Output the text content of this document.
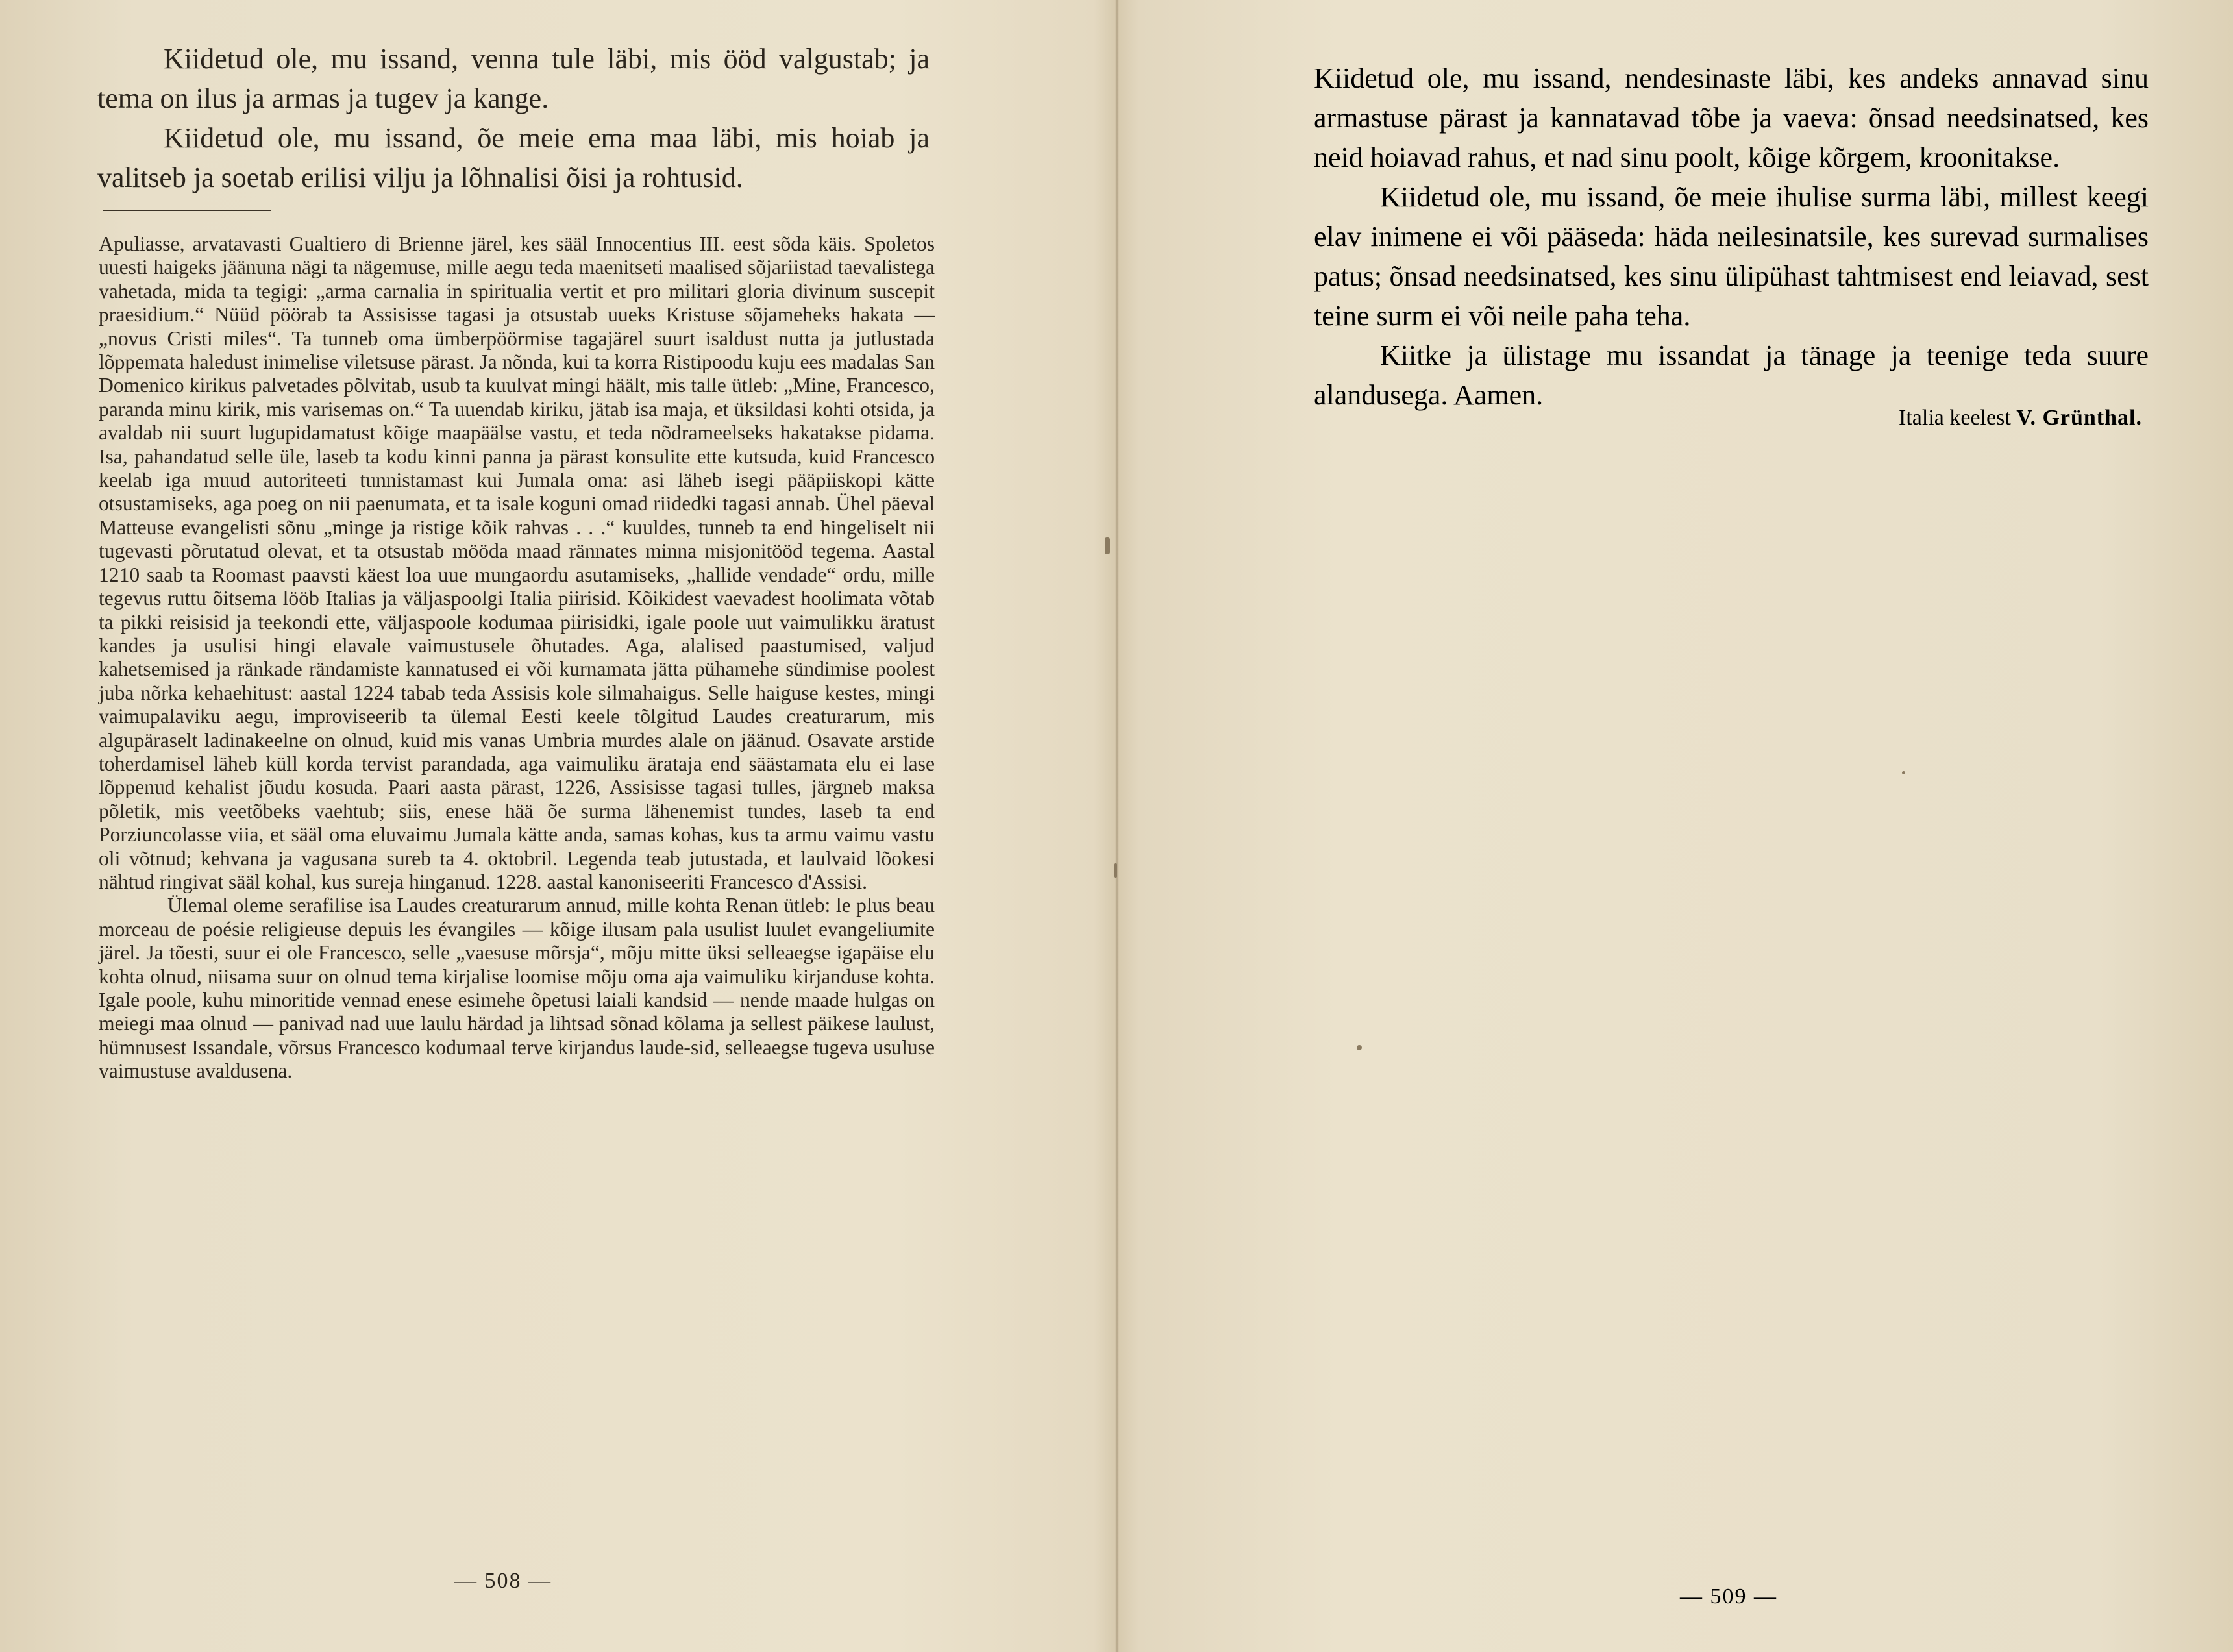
Kiidetud ole, mu issand, venna tule läbi, mis ööd valgustab; ja tema on ilus ja armas ja tugev ja kange.

Kiidetud ole, mu issand, õe meie ema maa läbi, mis hoiab ja valitseb ja soetab erilisi vilju ja lõhnalisi õisi ja rohtusid.

Apuliasse, arvatavasti Gualtiero di Brienne järel, kes sääl Innocentius III. eest sõda käis. Spoletos uuesti haigeks jäänuna nägi ta nägemuse, mille aegu teda maenitseti maalised sõjariistad taevalistega vahetada, mida ta tegigi: „arma carnalia in spiritualia vertit et pro militari gloria divinum suscepit praesidium.“ Nüüd pöörab ta Assisisse tagasi ja otsustab uueks Kristuse sõjameheks hakata — „novus Cristi miles“. Ta tunneb oma ümberpöörmise tagajärel suurt isaldust nutta ja jutlustada lõppemata haledust inimelise viletsuse pärast. Ja nõnda, kui ta korra Ristipoodu kuju ees madalas San Domenico kirikus palvetades põlvitab, usub ta kuulvat mingi häält, mis talle ütleb: „Mine, Francesco, paranda minu kirik, mis varisemas on.“ Ta uuendab kiriku, jätab isa maja, et üksildasi kohti otsida, ja avaldab nii suurt lugupidamatust kõige maapäälse vastu, et teda nõdrameelseks hakatakse pidama. Isa, pahandatud selle üle, laseb ta kodu kinni panna ja pärast konsulite ette kutsuda, kuid Francesco keelab iga muud autoriteeti tunnistamast kui Jumala oma: asi läheb isegi pääpiiskopi kätte otsustamiseks, aga poeg on nii paenumata, et ta isale koguni omad riidedki tagasi annab. Ühel päeval Matteuse evangelisti sõnu „minge ja ristige kõik rahvas . . .“ kuuldes, tunneb ta end hingeliselt nii tugevasti põrutatud olevat, et ta otsustab mööda maad rännates minna misjonitööd tegema. Aastal 1210 saab ta Roomast paavsti käest loa uue mungaordu asutamiseks, „hallide vendade“ ordu, mille tegevus ruttu õitsema lööb Italias ja väljaspoolgi Italia piirisid. Kõikidest vaevadest hoolimata võtab ta pikki reisisid ja teekondi ette, väljaspoole kodumaa piirisidki, igale poole uut vaimulikku äratust kandes ja usulisi hingi elavale vaimustusele õhutades. Aga, alalised paastumised, valjud kahetsemised ja ränkade rändamiste kannatused ei või kurnamata jätta pühamehe sündimise poolest juba nõrka kehaehitust: aastal 1224 tabab teda Assisis kole silmahaigus. Selle haiguse kestes, mingi vaimupalaviku aegu, improviseerib ta ülemal Eesti keele tõlgitud Laudes creaturarum, mis algupäraselt ladinakeelne on olnud, kuid mis vanas Umbria murdes alale on jäänud. Osavate arstide toherdamisel läheb küll korda tervist parandada, aga vaimuliku äratajа end säästamata elu ei lase lõppenud kehalist jõudu kosuda. Paari aasta pärast, 1226, Assisisse tagasi tulles, järgneb maksa põletik, mis veetõbeks vaehtub; siis, enese hää õe surma lähenemist tundes, laseb ta end Porziuncolasse viia, et sääl oma eluvaimu Jumala kätte anda, samas kohas, kus ta armu vaimu vastu oli võtnud; kehvana ja vagusana sureb ta 4. oktobril. Legenda teab jutustada, et laulvaid lõokesi nähtud ringivat sääl kohal, kus sureja hinganud. 1228. aastal kanoniseeriti Francesco d'Assisi.

Ülemal oleme serafilise isa Laudes creaturarum annud, mille kohta Renan ütleb: le plus beau morceau de poésie religieuse depuis les évangiles — kõige ilusam pala usulist luulet evangeliumite järel. Ja tõesti, suur ei ole Francesco, selle „vaesuse mõrsja“, mõju mitte üksi selleaegse igapäise elu kohta olnud, niisama suur on olnud tema kirjalise loomise mõju oma aja vaimuliku kirjanduse kohta. Igale poole, kuhu minoritide vennad enese esimehe õpetusi laiali kandsid — nende maade hulgas on meiegi maa olnud — panivad nad uue laulu härdad ja lihtsad sõnad kõlama ja sellest päikese laulust, hümnusest Issandale, võrsus Francesco kodumaal terve kirjandus laude-sid, selleaegse tugeva usuluse vaimustuse avaldusena.

— 508 —

Kiidetud ole, mu issand, nendesinaste läbi, kes andeks annavad sinu armastuse pärast ja kannatavad tõbe ja vaeva: õnsad needsinatsed, kes neid hoiavad rahus, et nad sinu poolt, kõige kõrgem, kroonitakse.

Kiidetud ole, mu issand, õe meie ihulise surma läbi, millest keegi elav inimene ei või pääseda: häda neilesinatsile, kes surevad surmalises patus; õnsad needsinatsed, kes sinu ülipühast tahtmisest end leiavad, sest teine surm ei või neile paha teha.

Kiitke ja ülistage mu issandat ja tänage ja teenige teda suure alandusega. Aamen.

Italia keelest V. Grünthal.
— 509 —
